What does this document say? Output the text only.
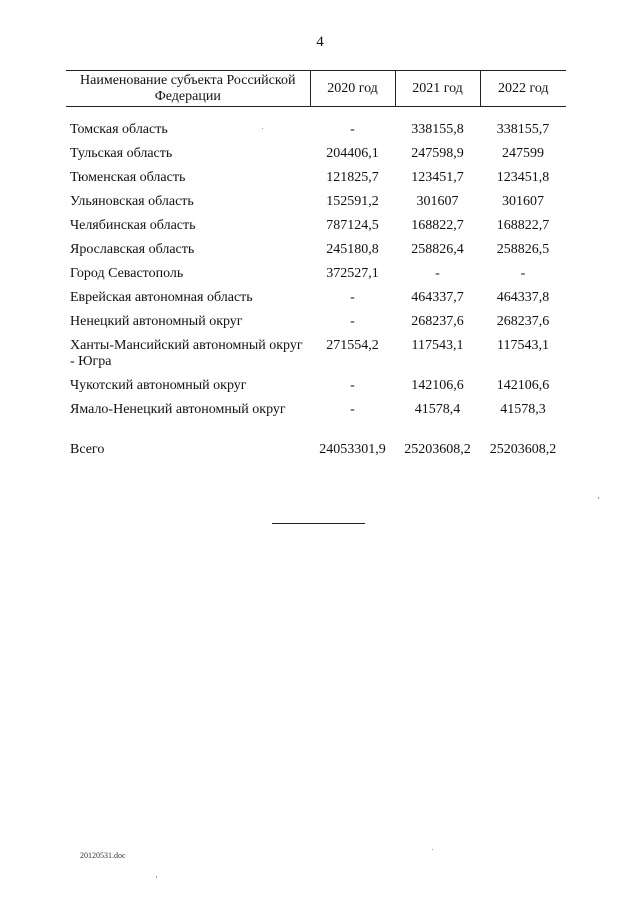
4
Наименование субъекта Российской Федерации	2020 год	2021 год	2022 год

Томская область	-	338155,8	338155,7
Тульская область	204406,1	247598,9	247599
Тюменская область	121825,7	123451,7	123451,8
Ульяновская область	152591,2	301607	301607
Челябинская область	787124,5	168822,7	168822,7
Ярославская область	245180,8	258826,4	258826,5
Город Севастополь	372527,1	-	-
Еврейская автономная область	-	464337,7	464337,8
Ненецкий автономный округ	-	268237,6	268237,6
Ханты-Мансийский автономный округ - Югра	271554,2	117543,1	117543,1
Чукотский автономный округ	-	142106,6	142106,6
Ямало-Ненецкий автономный округ	-	41578,4	41578,3
Всего	24053301,9	25203608,2	25203608,2
20120531.doc
